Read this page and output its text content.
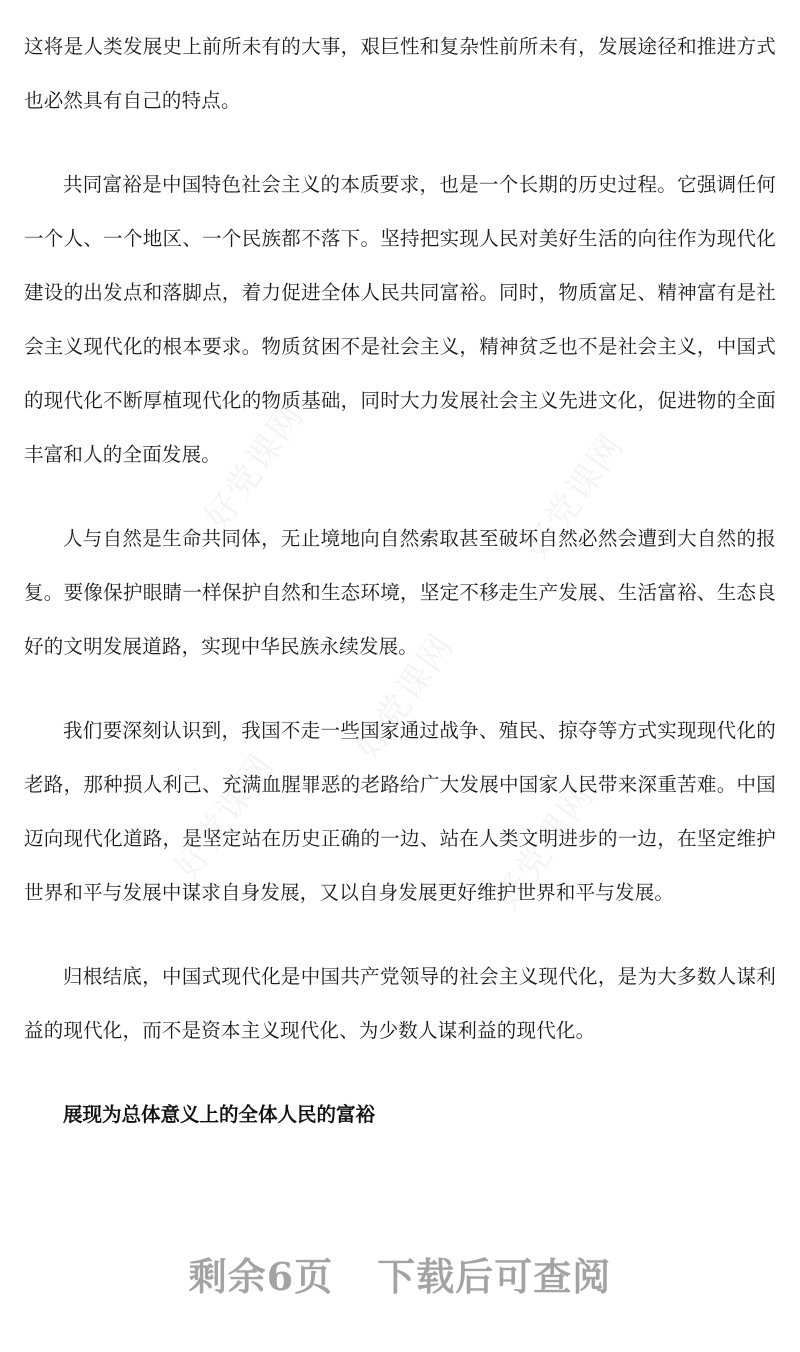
好党课网	好党课网
好党课网
好党课网	好党课网

这将是人类发展史上前所未有的大事，艰巨性和复杂性前所未有，发展途径和推进方式也必然具有自己的特点。

共同富裕是中国特色社会主义的本质要求，也是一个长期的历史过程。它强调任何一个人、一个地区、一个民族都不落下。坚持把实现人民对美好生活的向往作为现代化建设的出发点和落脚点，着力促进全体人民共同富裕。同时，物质富足、精神富有是社会主义现代化的根本要求。物质贫困不是社会主义，精神贫乏也不是社会主义，中国式的现代化不断厚植现代化的物质基础，同时大力发展社会主义先进文化，促进物的全面丰富和人的全面发展。

人与自然是生命共同体，无止境地向自然索取甚至破坏自然必然会遭到大自然的报复。要像保护眼睛一样保护自然和生态环境，坚定不移走生产发展、生活富裕、生态良好的文明发展道路，实现中华民族永续发展。

我们要深刻认识到，我国不走一些国家通过战争、殖民、掠夺等方式实现现代化的老路，那种损人利己、充满血腥罪恶的老路给广大发展中国家人民带来深重苦难。中国迈向现代化道路，是坚定站在历史正确的一边、站在人类文明进步的一边，在坚定维护世界和平与发展中谋求自身发展，又以自身发展更好维护世界和平与发展。

归根结底，中国式现代化是中国共产党领导的社会主义现代化，是为大多数人谋利益的现代化，而不是资本主义现代化、为少数人谋利益的现代化。

展现为总体意义上的全体人民的富裕
剩余6页 下载后可查阅
